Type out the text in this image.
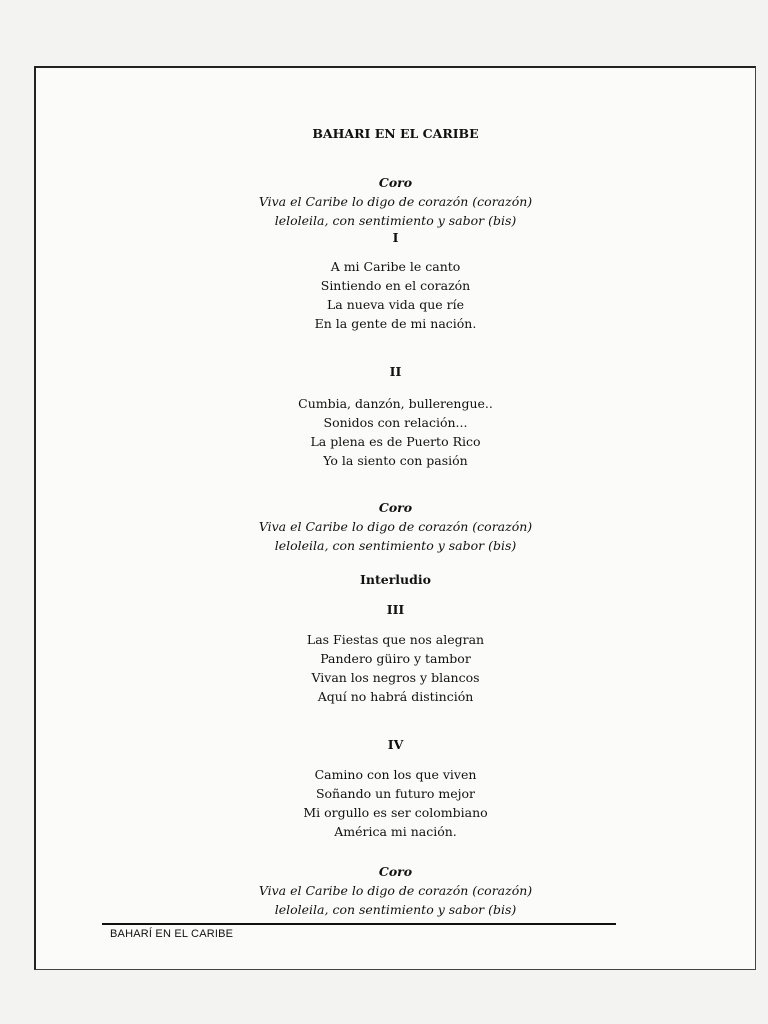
BAHARI EN EL CARIBE
Coro
Viva el Caribe lo digo de corazón (corazón)
leloleila, con sentimiento y sabor (bis)
I
A mi Caribe le canto
Sintiendo en el corazón
La nueva vida que ríe
En la gente de mi nación.
II
Cumbia, danzón, bullerengue..
Sonidos con relación...
La plena es de Puerto Rico
Yo la siento con pasión
Coro
Viva el Caribe lo digo de corazón (corazón)
leloleila, con sentimiento y sabor (bis)
Interludio
III
Las Fiestas que nos alegran
Pandero güiro y tambor
Vivan los negros y blancos
Aquí no habrá distinción
IV
Camino con los que viven
Soñando un futuro mejor
Mi orgullo es ser colombiano
América mi nación.
Coro
Viva el Caribe lo digo de corazón (corazón)
leloleila, con sentimiento y sabor (bis)
BAHARÍ EN EL CARIBE
